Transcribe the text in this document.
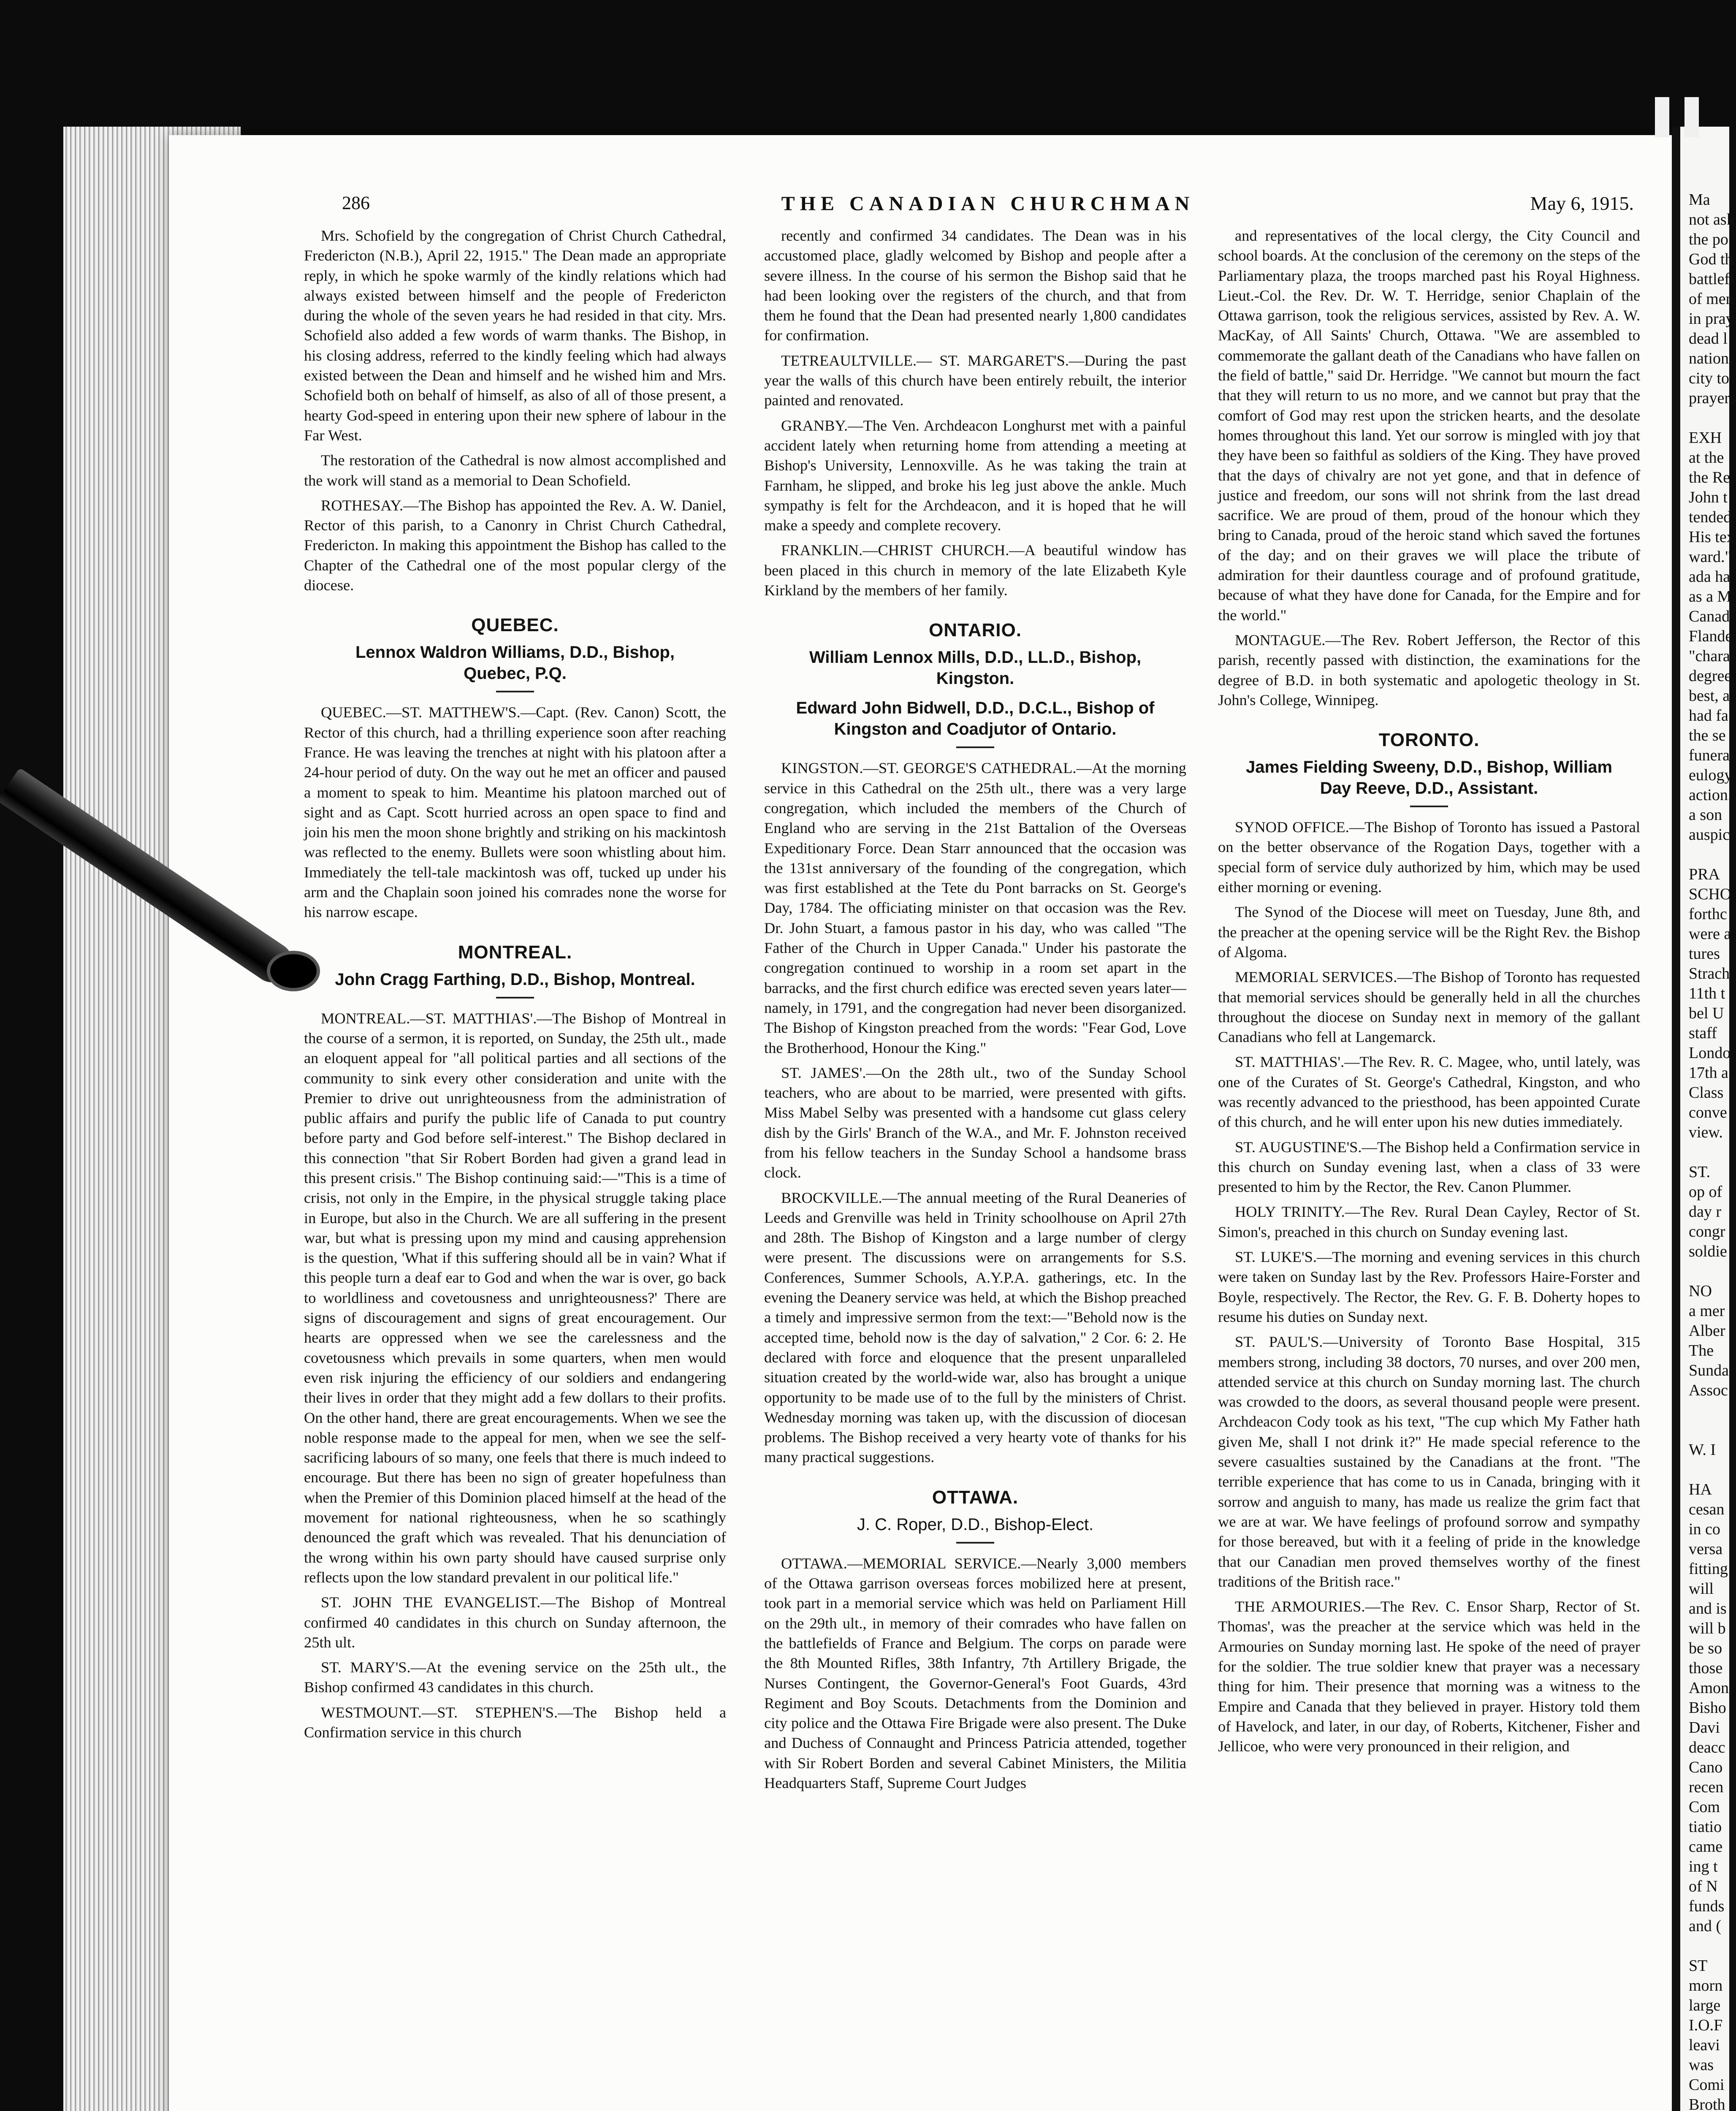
Ma
not ask
the po
God th
battlefi
of men
in pray
dead l
nation.
city to
prayers

EXH
at the
the Re
John t
tended
His tex
ward."
ada ha
as a M
Canad
Flande
"chara
degree
best, a
had fa
the se
funera
eulogy
action.
a son
auspic

PRA
SCHO
forthc
were a
tures
Strach
11th t
bel U
staff
Londo
17th a
Class
conve
view.

ST.
op of
day r
congr
soldie

NO
a mer
Alber
The
Sunda
Assoc

W. I

HA
cesan
in co
versa
fitting
will
and is
will b
be so
those
Amon
Bisho
Davi
deacc
Cano
recen
Com
tiatio
came
ing t
of N
funds
and (

ST
morn
large
I.O.F
leavi
was
Comi
Broth

286	THE CANADIAN CHURCHMAN	May 6, 1915.

Mrs. Schofield by the congregation of Christ Church Cathedral, Fredericton (N.B.), April 22, 1915." The Dean made an appropriate reply, in which he spoke warmly of the kindly relations which had always existed between himself and the people of Fredericton during the whole of the seven years he had resided in that city. Mrs. Schofield also added a few words of warm thanks. The Bishop, in his closing address, referred to the kindly feeling which had always existed between the Dean and himself and he wished him and Mrs. Schofield both on behalf of himself, as also of all of those present, a hearty God-speed in entering upon their new sphere of labour in the Far West.

The restoration of the Cathedral is now almost accomplished and the work will stand as a memorial to Dean Schofield.

ROTHESAY.—The Bishop has appointed the Rev. A. W. Daniel, Rector of this parish, to a Canonry in Christ Church Cathedral, Fredericton. In making this appointment the Bishop has called to the Chapter of the Cathedral one of the most popular clergy of the diocese.

QUEBEC.
Lennox Waldron Williams, D.D., Bishop, Quebec, P.Q.

QUEBEC.—ST. MATTHEW'S.—Capt. (Rev. Canon) Scott, the Rector of this church, had a thrilling experience soon after reaching France. He was leaving the trenches at night with his platoon after a 24-hour period of duty. On the way out he met an officer and paused a moment to speak to him. Meantime his platoon marched out of sight and as Capt. Scott hurried across an open space to find and join his men the moon shone brightly and striking on his mackintosh was reflected to the enemy. Bullets were soon whistling about him. Immediately the tell-tale mackintosh was off, tucked up under his arm and the Chaplain soon joined his comrades none the worse for his narrow escape.

MONTREAL.
John Cragg Farthing, D.D., Bishop, Montreal.

MONTREAL.—ST. MATTHIAS'.—The Bishop of Montreal in the course of a sermon, it is reported, on Sunday, the 25th ult., made an eloquent appeal for "all political parties and all sections of the community to sink every other consideration and unite with the Premier to drive out unrighteousness from the administration of public affairs and purify the public life of Canada to put country before party and God before self-interest." The Bishop declared in this connection "that Sir Robert Borden had given a grand lead in this present crisis." The Bishop continuing said:—"This is a time of crisis, not only in the Empire, in the physical struggle taking place in Europe, but also in the Church. We are all suffering in the present war, but what is pressing upon my mind and causing apprehension is the question, 'What if this suffering should all be in vain? What if this people turn a deaf ear to God and when the war is over, go back to worldliness and covetousness and unrighteousness?' There are signs of discouragement and signs of great encouragement. Our hearts are oppressed when we see the carelessness and the covetousness which prevails in some quarters, when men would even risk injuring the efficiency of our soldiers and endangering their lives in order that they might add a few dollars to their profits. On the other hand, there are great encouragements. When we see the noble response made to the appeal for men, when we see the self-sacrificing labours of so many, one feels that there is much indeed to encourage. But there has been no sign of greater hopefulness than when the Premier of this Dominion placed himself at the head of the movement for national righteousness, when he so scathingly denounced the graft which was revealed. That his denunciation of the wrong within his own party should have caused surprise only reflects upon the low standard prevalent in our political life."

ST. JOHN THE EVANGELIST.—The Bishop of Montreal confirmed 40 candidates in this church on Sunday afternoon, the 25th ult.

ST. MARY'S.—At the evening service on the 25th ult., the Bishop confirmed 43 candidates in this church.

WESTMOUNT.—ST. STEPHEN'S.—The Bishop held a Confirmation service in this church

recently and confirmed 34 candidates. The Dean was in his accustomed place, gladly welcomed by Bishop and people after a severe illness. In the course of his sermon the Bishop said that he had been looking over the registers of the church, and that from them he found that the Dean had presented nearly 1,800 candidates for confirmation.

TETREAULTVILLE.— ST. MARGARET'S.—During the past year the walls of this church have been entirely rebuilt, the interior painted and renovated.

GRANBY.—The Ven. Archdeacon Longhurst met with a painful accident lately when returning home from attending a meeting at Bishop's University, Lennoxville. As he was taking the train at Farnham, he slipped, and broke his leg just above the ankle. Much sympathy is felt for the Archdeacon, and it is hoped that he will make a speedy and complete recovery.

FRANKLIN.—CHRIST CHURCH.—A beautiful window has been placed in this church in memory of the late Elizabeth Kyle Kirkland by the members of her family.

ONTARIO.
William Lennox Mills, D.D., LL.D., Bishop, Kingston.
Edward John Bidwell, D.D., D.C.L., Bishop of Kingston and Coadjutor of Ontario.

KINGSTON.—ST. GEORGE'S CATHEDRAL.—At the morning service in this Cathedral on the 25th ult., there was a very large congregation, which included the members of the Church of England who are serving in the 21st Battalion of the Overseas Expeditionary Force. Dean Starr announced that the occasion was the 131st anniversary of the founding of the congregation, which was first established at the Tete du Pont barracks on St. George's Day, 1784. The officiating minister on that occasion was the Rev. Dr. John Stuart, a famous pastor in his day, who was called "The Father of the Church in Upper Canada." Under his pastorate the congregation continued to worship in a room set apart in the barracks, and the first church edifice was erected seven years later—namely, in 1791, and the congregation had never been disorganized. The Bishop of Kingston preached from the words: "Fear God, Love the Brotherhood, Honour the King."

ST. JAMES'.—On the 28th ult., two of the Sunday School teachers, who are about to be married, were presented with gifts. Miss Mabel Selby was presented with a handsome cut glass celery dish by the Girls' Branch of the W.A., and Mr. F. Johnston received from his fellow teachers in the Sunday School a handsome brass clock.

BROCKVILLE.—The annual meeting of the Rural Deaneries of Leeds and Grenville was held in Trinity schoolhouse on April 27th and 28th. The Bishop of Kingston and a large number of clergy were present. The discussions were on arrangements for S.S. Conferences, Summer Schools, A.Y.P.A. gatherings, etc. In the evening the Deanery service was held, at which the Bishop preached a timely and impressive sermon from the text:—"Behold now is the accepted time, behold now is the day of salvation," 2 Cor. 6: 2. He declared with force and eloquence that the present unparalleled situation created by the world-wide war, also has brought a unique opportunity to be made use of to the full by the ministers of Christ. Wednesday morning was taken up, with the discussion of diocesan problems. The Bishop received a very hearty vote of thanks for his many practical suggestions.

OTTAWA.
J. C. Roper, D.D., Bishop-Elect.

OTTAWA.—MEMORIAL SERVICE.—Nearly 3,000 members of the Ottawa garrison overseas forces mobilized here at present, took part in a memorial service which was held on Parliament Hill on the 29th ult., in memory of their comrades who have fallen on the battlefields of France and Belgium. The corps on parade were the 8th Mounted Rifles, 38th Infantry, 7th Artillery Brigade, the Nurses Contingent, the Governor-General's Foot Guards, 43rd Regiment and Boy Scouts. Detachments from the Dominion and city police and the Ottawa Fire Brigade were also present. The Duke and Duchess of Connaught and Princess Patricia attended, together with Sir Robert Borden and several Cabinet Ministers, the Militia Headquarters Staff, Supreme Court Judges

and representatives of the local clergy, the City Council and school boards. At the conclusion of the ceremony on the steps of the Parliamentary plaza, the troops marched past his Royal Highness. Lieut.-Col. the Rev. Dr. W. T. Herridge, senior Chaplain of the Ottawa garrison, took the religious services, assisted by Rev. A. W. MacKay, of All Saints' Church, Ottawa. "We are assembled to commemorate the gallant death of the Canadians who have fallen on the field of battle," said Dr. Herridge. "We cannot but mourn the fact that they will return to us no more, and we cannot but pray that the comfort of God may rest upon the stricken hearts, and the desolate homes throughout this land. Yet our sorrow is mingled with joy that they have been so faithful as soldiers of the King. They have proved that the days of chivalry are not yet gone, and that in defence of justice and freedom, our sons will not shrink from the last dread sacrifice. We are proud of them, proud of the honour which they bring to Canada, proud of the heroic stand which saved the fortunes of the day; and on their graves we will place the tribute of admiration for their dauntless courage and of profound gratitude, because of what they have done for Canada, for the Empire and for the world."

MONTAGUE.—The Rev. Robert Jefferson, the Rector of this parish, recently passed with distinction, the examinations for the degree of B.D. in both systematic and apologetic theology in St. John's College, Winnipeg.

TORONTO.
James Fielding Sweeny, D.D., Bishop, William Day Reeve, D.D., Assistant.

SYNOD OFFICE.—The Bishop of Toronto has issued a Pastoral on the better observance of the Rogation Days, together with a special form of service duly authorized by him, which may be used either morning or evening.

The Synod of the Diocese will meet on Tuesday, June 8th, and the preacher at the opening service will be the Right Rev. the Bishop of Algoma.

MEMORIAL SERVICES.—The Bishop of Toronto has requested that memorial services should be generally held in all the churches throughout the diocese on Sunday next in memory of the gallant Canadians who fell at Langemarck.

ST. MATTHIAS'.—The Rev. R. C. Magee, who, until lately, was one of the Curates of St. George's Cathedral, Kingston, and who was recently advanced to the priesthood, has been appointed Curate of this church, and he will enter upon his new duties immediately.

ST. AUGUSTINE'S.—The Bishop held a Confirmation service in this church on Sunday evening last, when a class of 33 were presented to him by the Rector, the Rev. Canon Plummer.

HOLY TRINITY.—The Rev. Rural Dean Cayley, Rector of St. Simon's, preached in this church on Sunday evening last.

ST. LUKE'S.—The morning and evening services in this church were taken on Sunday last by the Rev. Professors Haire-Forster and Boyle, respectively. The Rector, the Rev. G. F. B. Doherty hopes to resume his duties on Sunday next.

ST. PAUL'S.—University of Toronto Base Hospital, 315 members strong, including 38 doctors, 70 nurses, and over 200 men, attended service at this church on Sunday morning last. The church was crowded to the doors, as several thousand people were present. Archdeacon Cody took as his text, "The cup which My Father hath given Me, shall I not drink it?" He made special reference to the severe casualties sustained by the Canadians at the front. "The terrible experience that has come to us in Canada, bringing with it sorrow and anguish to many, has made us realize the grim fact that we are at war. We have feelings of profound sorrow and sympathy for those bereaved, but with it a feeling of pride in the knowledge that our Canadian men proved themselves worthy of the finest traditions of the British race."

THE ARMOURIES.—The Rev. C. Ensor Sharp, Rector of St. Thomas', was the preacher at the service which was held in the Armouries on Sunday morning last. He spoke of the need of prayer for the soldier. The true soldier knew that prayer was a necessary thing for him. Their presence that morning was a witness to the Empire and Canada that they believed in prayer. History told them of Havelock, and later, in our day, of Roberts, Kitchener, Fisher and Jellicoe, who were very pronounced in their religion, and
